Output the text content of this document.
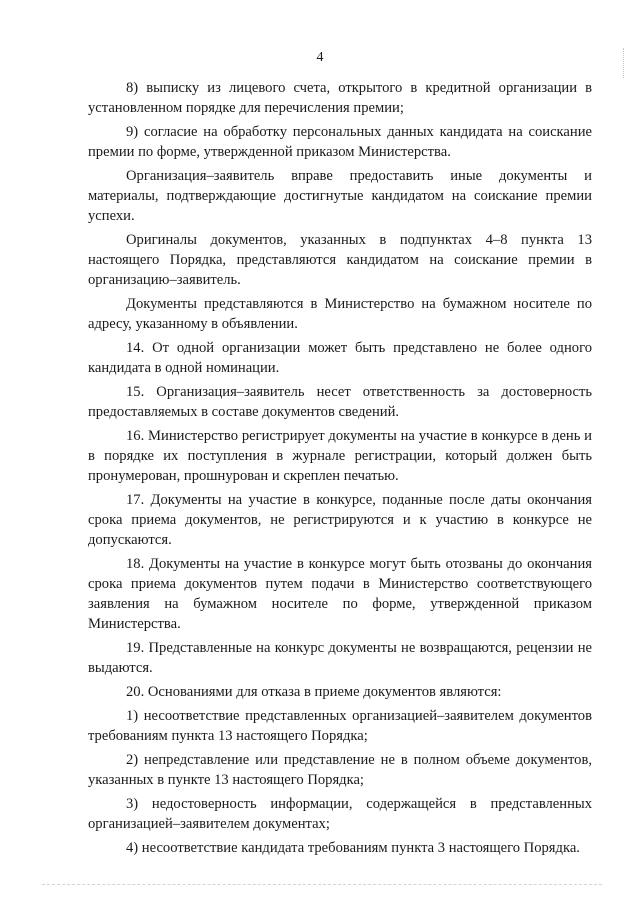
4

8) выписку из лицевого счета, открытого в кредитной организации в установленном порядке для перечисления премии;

9) согласие на обработку персональных данных кандидата на соискание премии по форме, утвержденной приказом Министерства.

Организация–заявитель вправе предоставить иные документы и материалы, подтверждающие достигнутые кандидатом на соискание премии успехи.

Оригиналы документов, указанных в подпунктах 4–8 пункта 13 настоящего Порядка, представляются кандидатом на соискание премии в организацию–заявитель.

Документы представляются в Министерство на бумажном носителе по адресу, указанному в объявлении.

14. От одной организации может быть представлено не более одного кандидата в одной номинации.

15. Организация–заявитель несет ответственность за достоверность предоставляемых в составе документов сведений.

16. Министерство регистрирует документы на участие в конкурсе в день и в порядке их поступления в журнале регистрации, который должен быть пронумерован, прошнурован и скреплен печатью.

17. Документы на участие в конкурсе, поданные после даты окончания срока приема документов, не регистрируются и к участию в конкурсе не допускаются.

18. Документы на участие в конкурсе могут быть отозваны до окончания срока приема документов путем подачи в Министерство соответствующего заявления на бумажном носителе по форме, утвержденной приказом Министерства.

19. Представленные на конкурс документы не возвращаются, рецензии не выдаются.

20. Основаниями для отказа в приеме документов являются:

1) несоответствие представленных организацией–заявителем документов требованиям пункта 13 настоящего Порядка;

2) непредставление или представление не в полном объеме документов, указанных в пункте 13 настоящего Порядка;

3) недостоверность информации, содержащейся в представленных организацией–заявителем документах;

4) несоответствие кандидата требованиям пункта 3 настоящего Порядка.
